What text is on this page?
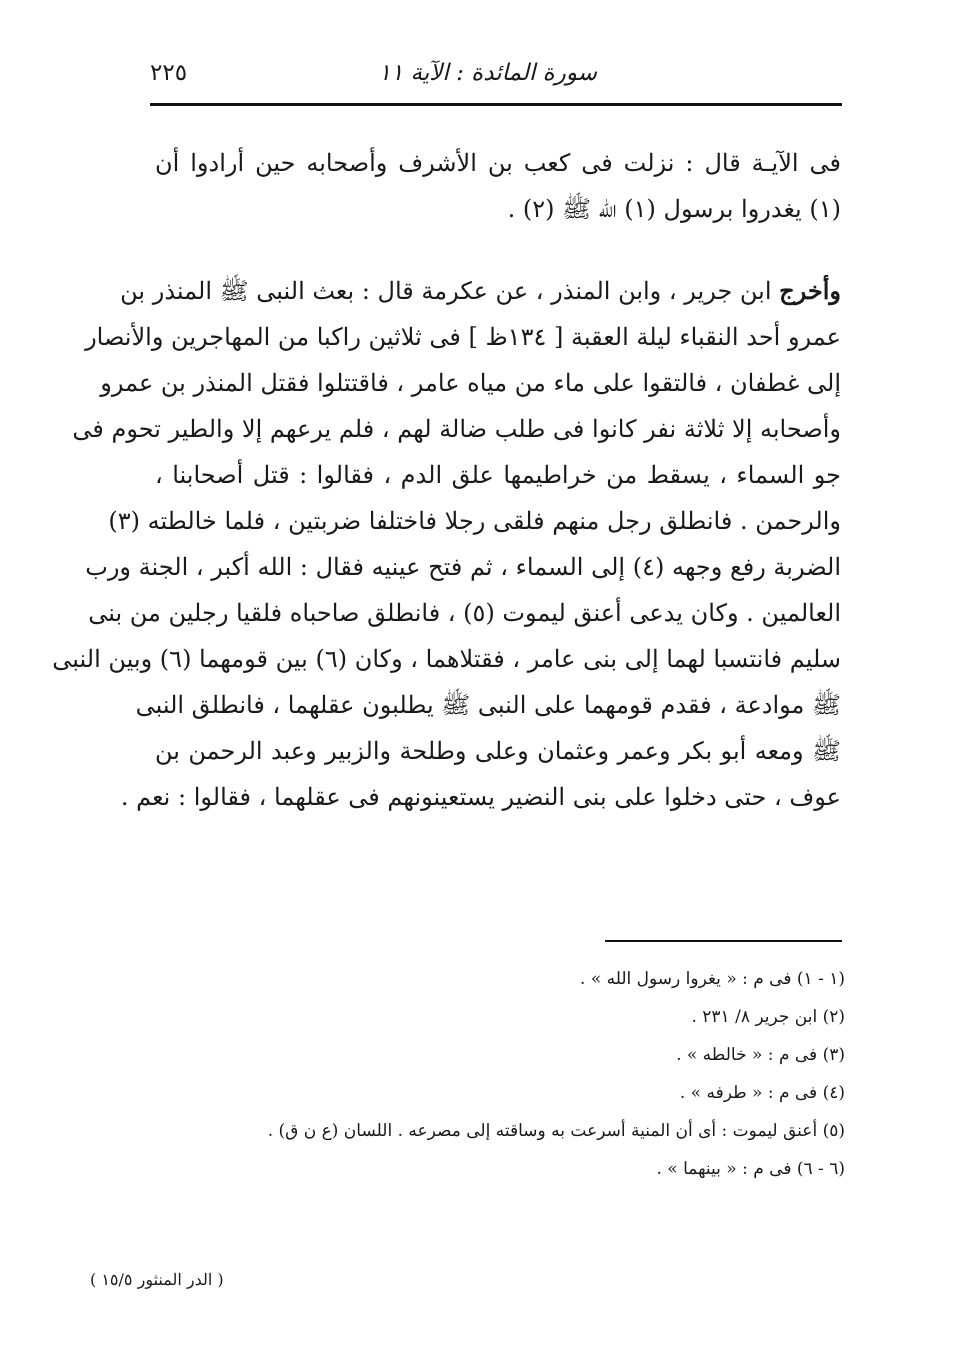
سورة المائدة : الآية ١١
٢٢٥
فى الآيـة قال : نزلت فى كعب بن الأشرف وأصحابه حين أرادوا أن
(١) يغدروا برسول (١) الله ﷺ (٢) .
وأخرج ابن جرير ، وابن المنذر ، عن عكرمة قال : بعث النبى ﷺ المنذر بن
عمرو أحد النقباء ليلة العقبة [ ١٣٤ظ ] فى ثلاثين راكبا من المهاجرين والأنصار
إلى غطفان ، فالتقوا على ماء من مياه عامر ، فاقتتلوا فقتل المنذر بن عمرو
وأصحابه إلا ثلاثة نفر كانوا فى طلب ضالة لهم ، فلم يرعهم إلا والطير تحوم فى
جو السماء ، يسقط من خراطيمها علق الدم ، فقالوا : قتل أصحابنا ،
والرحمن . فانطلق رجل منهم فلقى رجلا فاختلفا ضربتين ، فلما خالطته (٣)
الضربة رفع وجهه (٤) إلى السماء ، ثم فتح عينيه فقال : الله أكبر ، الجنة ورب
العالمين . وكان يدعى أعنق ليموت (٥) ، فانطلق صاحباه فلقيا رجلين من بنى
سليم فانتسبا لهما إلى بنى عامر ، فقتلاهما ، وكان (٦) بين قومهما (٦) وبين النبى
ﷺ موادعة ، فقدم قومهما على النبى ﷺ يطلبون عقلهما ، فانطلق النبى
ﷺ ومعه أبو بكر وعمر وعثمان وعلى وطلحة والزبير وعبد الرحمن بن
عوف ، حتى دخلوا على بنى النضير يستعينونهم فى عقلهما ، فقالوا : نعم .
(١ - ١) فى م : « يغروا رسول الله » .
(٢) ابن جرير ٨/ ٢٣١ .
(٣) فى م : « خالطه » .
(٤) فى م : « طرفه » .
(٥) أعنق ليموت : أى أن المنية أسرعت به وساقته إلى مصرعه . اللسان (ع ن ق) .
(٦ - ٦) فى م : « بينهما » .
( الدر المنثور ١٥/٥ )
